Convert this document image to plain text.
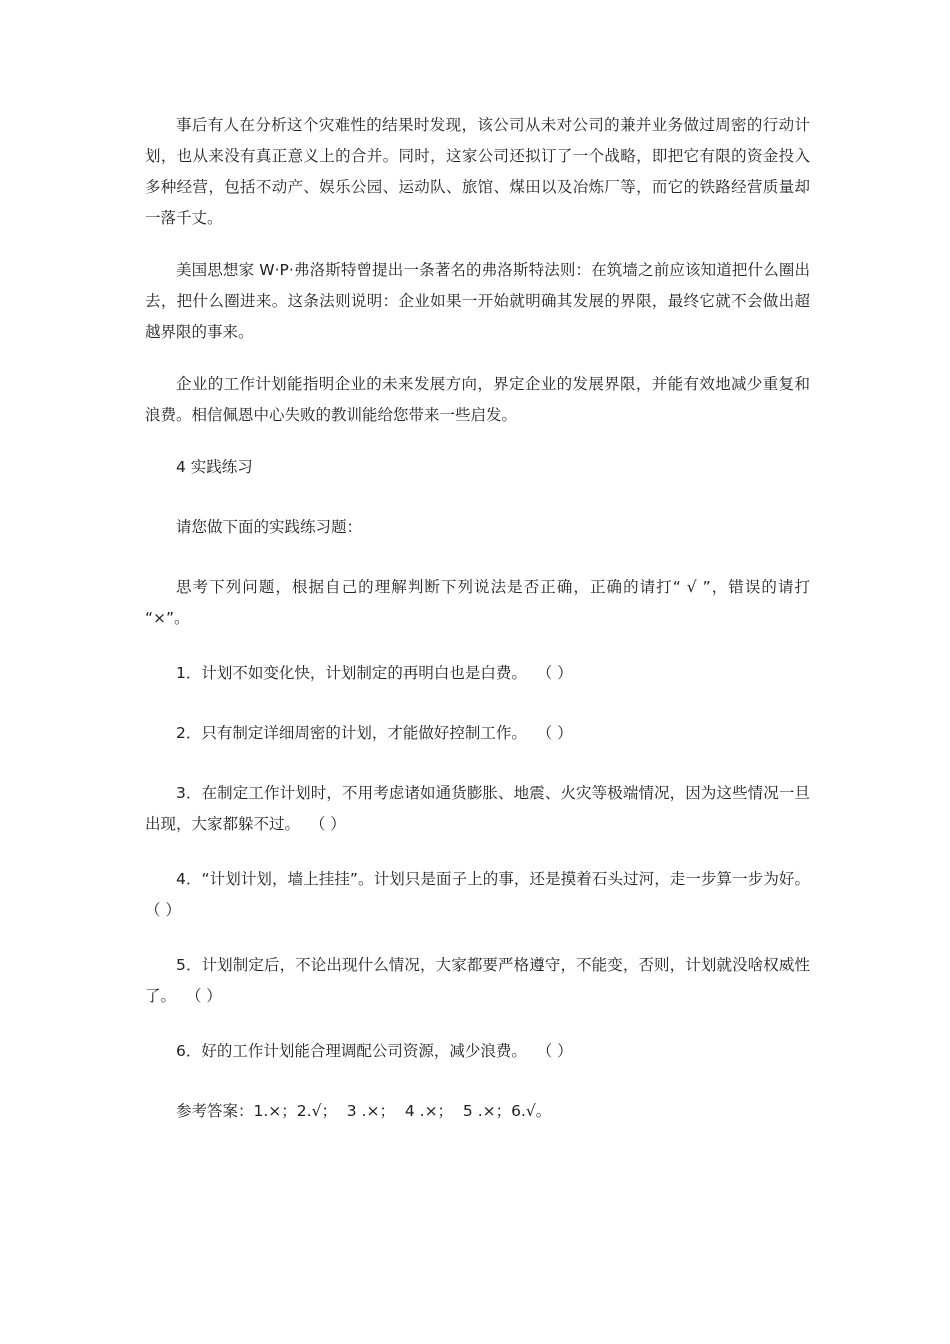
事后有人在分析这个灾难性的结果时发现，该公司从未对公司的兼并业务做过周密的行动计划，也从来没有真正意义上的合并。同时，这家公司还拟订了一个战略，即把它有限的资金投入多种经营，包括不动产、娱乐公园、运动队、旅馆、煤田以及冶炼厂等，而它的铁路经营质量却一落千丈。

美国思想家 W·P·弗洛斯特曾提出一条著名的弗洛斯特法则：在筑墙之前应该知道把什么圈出去，把什么圈进来。这条法则说明：企业如果一开始就明确其发展的界限，最终它就不会做出超越界限的事来。

企业的工作计划能指明企业的未来发展方向，界定企业的发展界限，并能有效地减少重复和浪费。相信佩恩中心失败的教训能给您带来一些启发。

4 实践练习

请您做下面的实践练习题：

思考下列问题，根据自己的理解判断下列说法是否正确，正确的请打“ √ ”，错误的请打  “×”。

1．计划不如变化快，计划制定的再明白也是白费。  （ ）

2．只有制定详细周密的计划，才能做好控制工作。  （ ）

3．在制定工作计划时，不用考虑诸如通货膨胀、地震、火灾等极端情况，因为这些情况一旦出现，大家都躲不过。  （ ）

4．“计划计划，墙上挂挂”。计划只是面子上的事，还是摸着石头过河，走一步算一步为好。  （ ）

5．计划制定后，不论出现什么情况，大家都要严格遵守，不能变，否则，计划就没啥权威性了。  （ ）

6．好的工作计划能合理调配公司资源，减少浪费。  （ ）

参考答案：1.×；2.√；  3 .×；  4 .×；  5 .×；6.√。
